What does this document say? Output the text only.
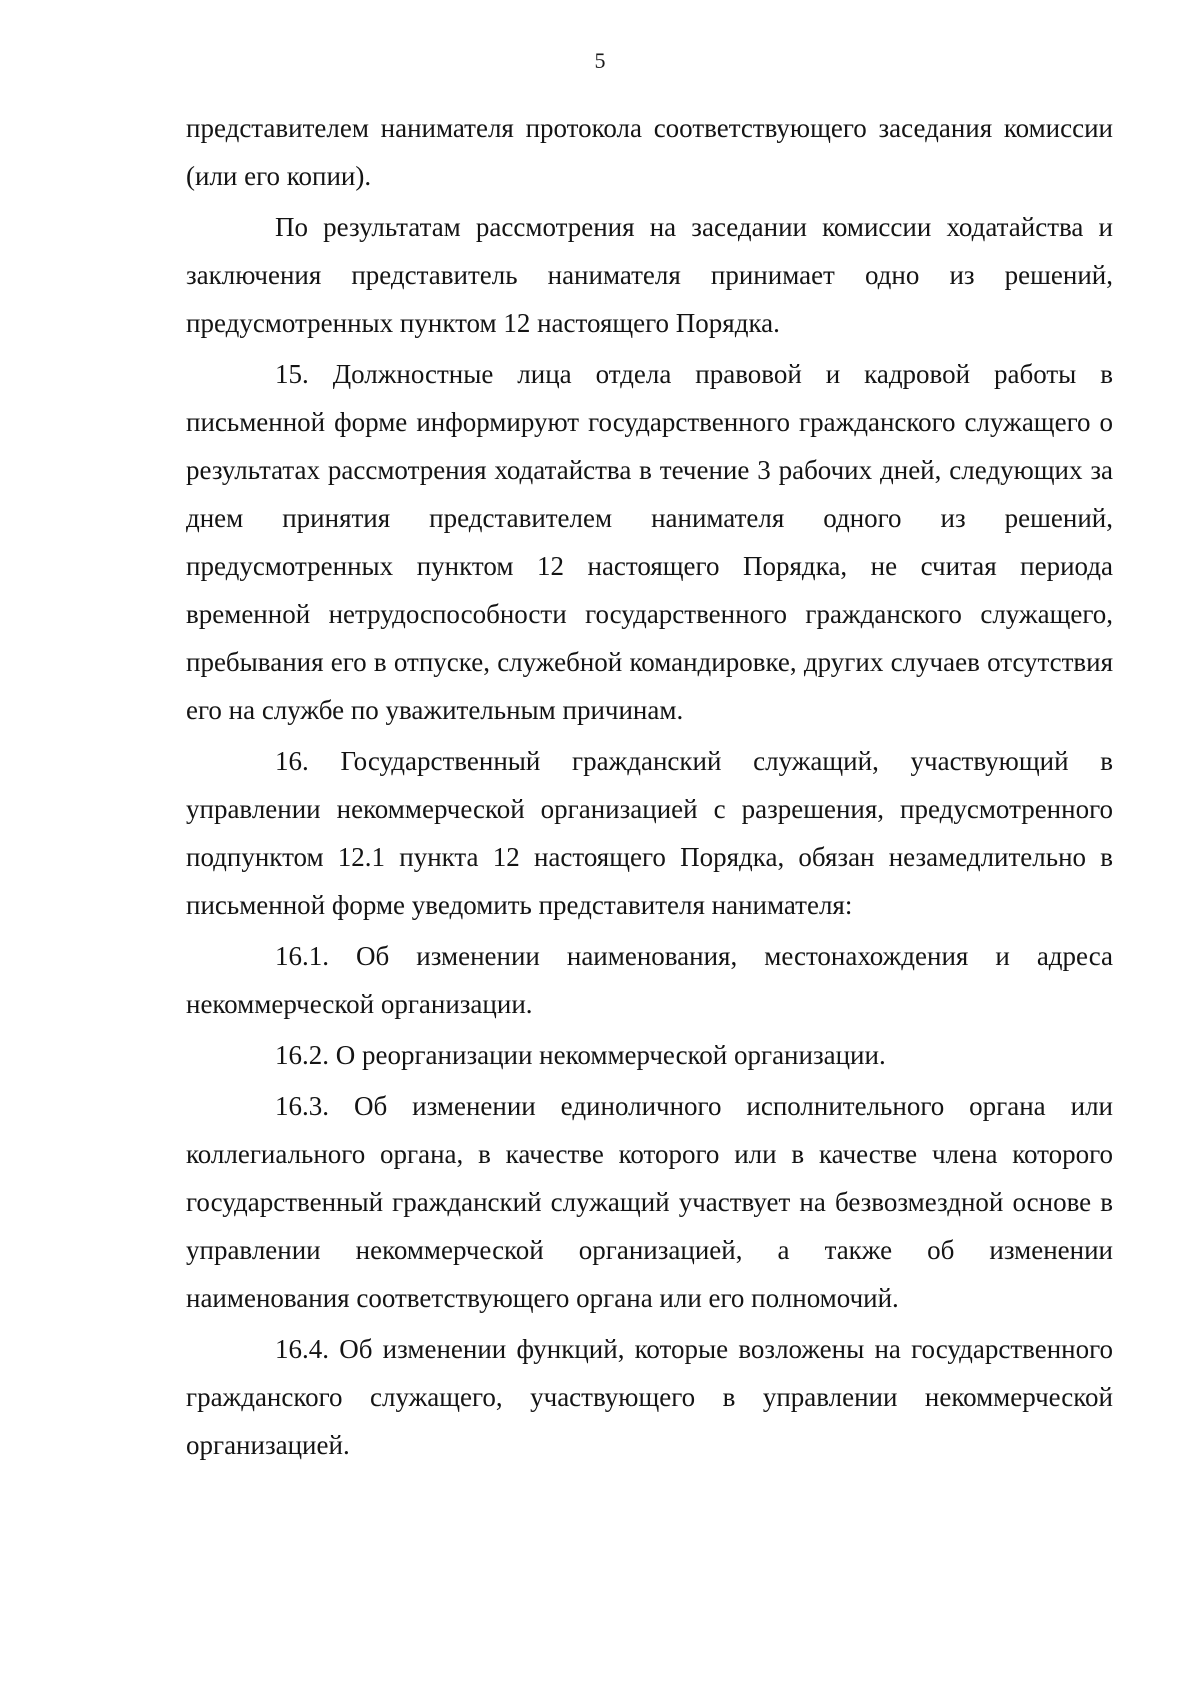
5

представителем нанимателя протокола соответствующего заседания комиссии (или его копии).

По результатам рассмотрения на заседании комиссии ходатайства и заключения представитель нанимателя принимает одно из решений, предусмотренных пунктом 12 настоящего Порядка.

15. Должностные лица отдела правовой и кадровой работы в письменной форме информируют государственного гражданского служащего о результатах рассмотрения ходатайства в течение 3 рабочих дней, следующих за днем принятия представителем нанимателя одного из решений, предусмотренных пунктом 12 настоящего Порядка, не считая периода временной нетрудоспособности государственного гражданского служащего, пребывания его в отпуске, служебной командировке, других случаев отсутствия его на службе по уважительным причинам.

16. Государственный гражданский служащий, участвующий в управлении некоммерческой организацией с разрешения, предусмотренного подпунктом 12.1 пункта 12 настоящего Порядка, обязан незамедлительно в письменной форме уведомить представителя нанимателя:

16.1. Об изменении наименования, местонахождения и адреса некоммерческой организации.

16.2. О реорганизации некоммерческой организации.

16.3. Об изменении единоличного исполнительного органа или коллегиального органа, в качестве которого или в качестве члена которого государственный гражданский служащий участвует на безвозмездной основе в управлении некоммерческой организацией, а также об изменении наименования соответствующего органа или его полномочий.

16.4. Об изменении функций, которые возложены на государственного гражданского служащего, участвующего в управлении некоммерческой организацией.
